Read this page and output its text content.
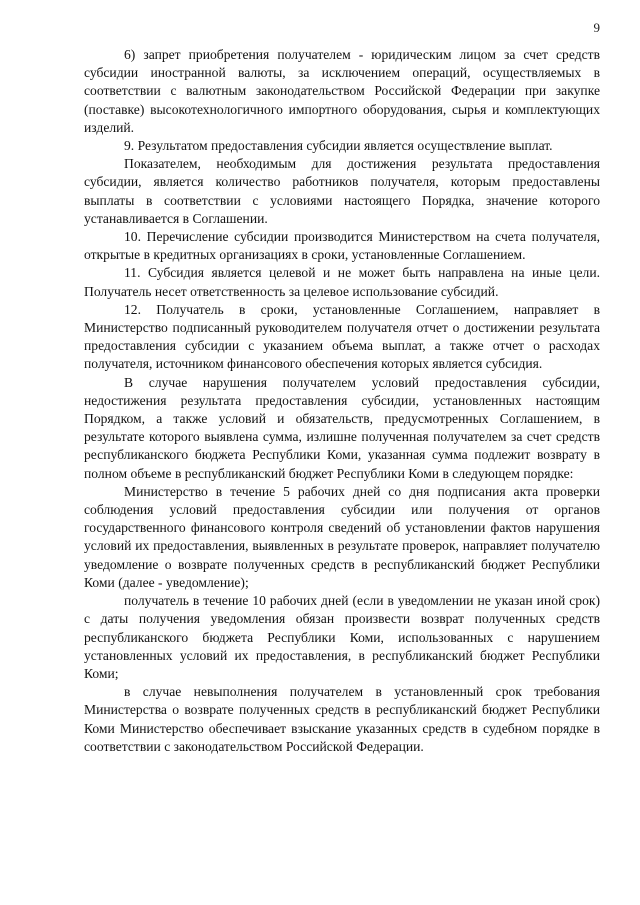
9

6) запрет приобретения получателем - юридическим лицом за счет средств субсидии иностранной валюты, за исключением операций, осуществляемых в соответствии с валютным законодательством Российской Федерации при закупке (поставке) высокотехнологичного импортного оборудования, сырья и комплектующих изделий.

9. Результатом предоставления субсидии является осуществление выплат.

Показателем, необходимым для достижения результата предоставления субсидии, является количество работников получателя, которым предоставлены выплаты в соответствии с условиями настоящего Порядка, значение которого устанавливается в Соглашении.

10. Перечисление субсидии производится Министерством на счета получателя, открытые в кредитных организациях в сроки, установленные Соглашением.

11. Субсидия является целевой и не может быть направлена на иные цели. Получатель несет ответственность за целевое использование субсидий.

12. Получатель в сроки, установленные Соглашением, направляет в Министерство подписанный руководителем получателя отчет о достижении результата предоставления субсидии с указанием объема выплат, а также отчет о расходах получателя, источником финансового обеспечения которых является субсидия.

В случае нарушения получателем условий предоставления субсидии, недостижения результата предоставления субсидии, установленных настоящим Порядком, а также условий и обязательств, предусмотренных Соглашением, в результате которого выявлена сумма, излишне полученная получателем за счет средств республиканского бюджета Республики Коми, указанная сумма подлежит возврату в полном объеме в республиканский бюджет Республики Коми в следующем порядке:

Министерство в течение 5 рабочих дней со дня подписания акта проверки соблюдения условий предоставления субсидии или получения от органов государственного финансового контроля сведений об установлении фактов нарушения условий их предоставления, выявленных в результате проверок, направляет получателю уведомление о возврате полученных средств в республиканский бюджет Республики Коми (далее - уведомление);

получатель в течение 10 рабочих дней (если в уведомлении не указан иной срок) с даты получения уведомления обязан произвести возврат полученных средств республиканского бюджета Республики Коми, использованных с нарушением установленных условий их предоставления, в республиканский бюджет Республики Коми;

в случае невыполнения получателем в установленный срок требования Министерства о возврате полученных средств в республиканский бюджет Республики Коми Министерство обеспечивает взыскание указанных средств в судебном порядке в соответствии с законодательством Российской Федерации.
